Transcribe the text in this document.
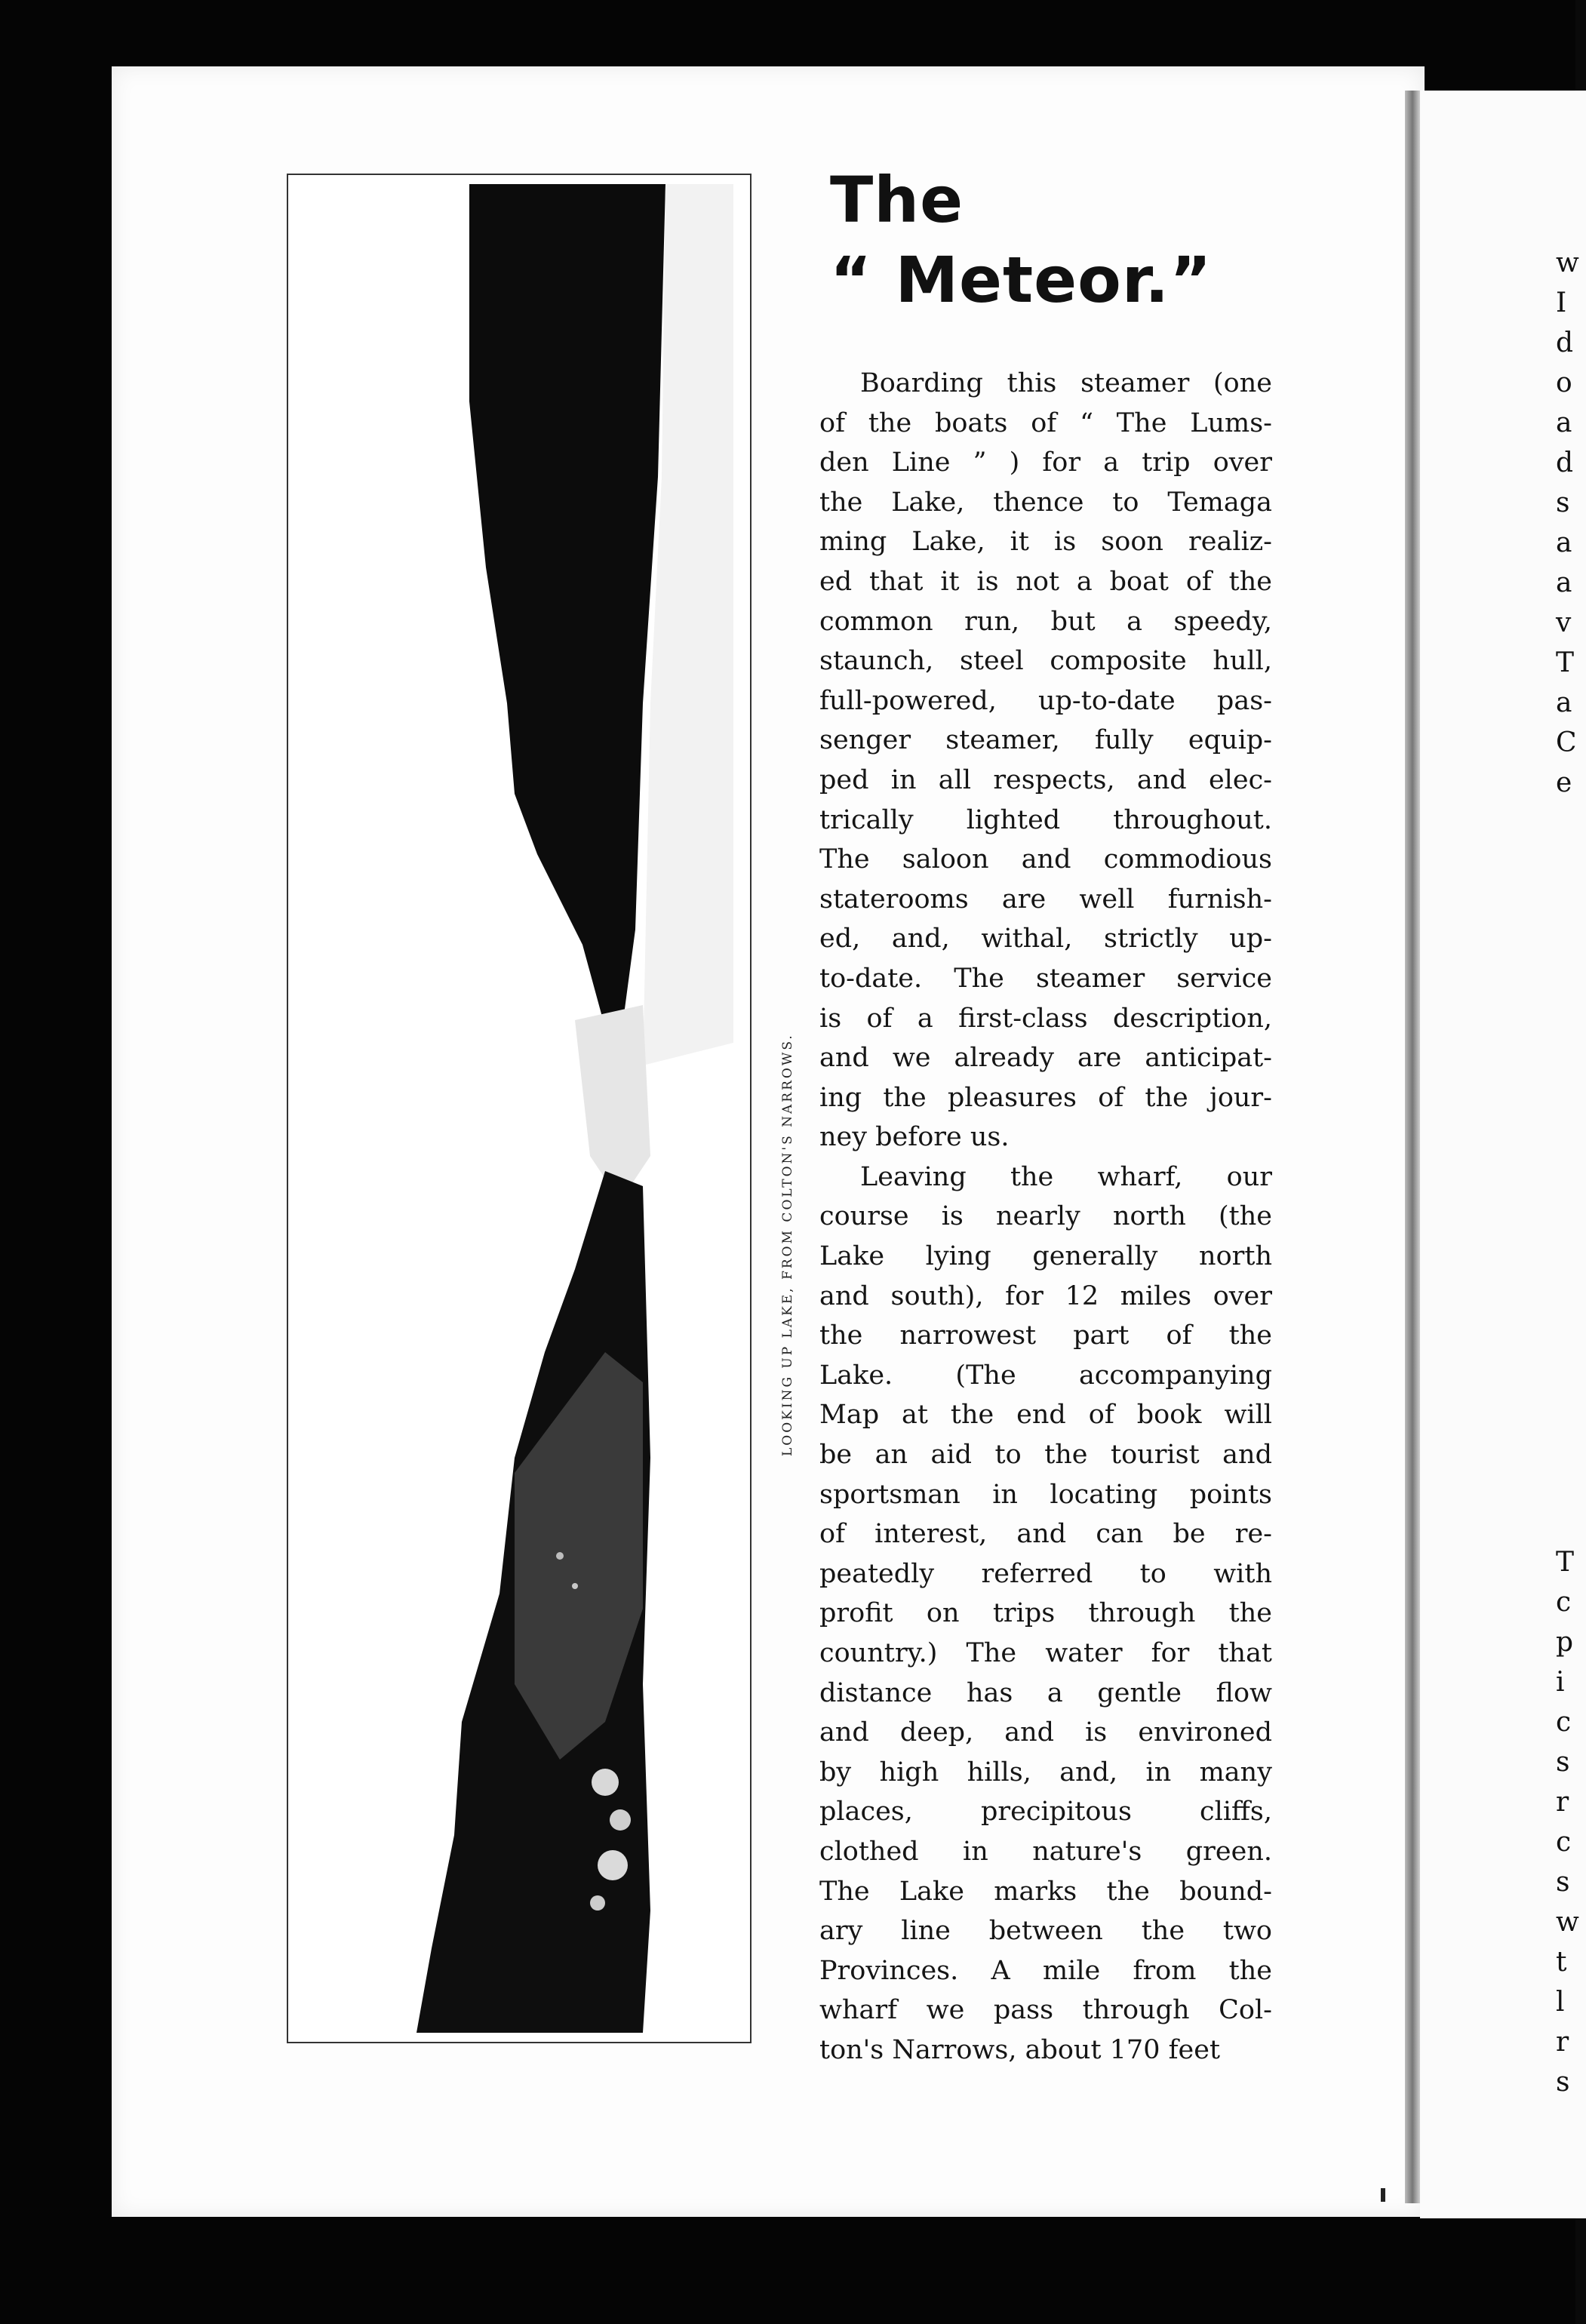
w
I
d
o
a
d
s
a
a
v
T
a
C
e
T
c
p
i
c
s
r
c
s
w
t
l
r
s
LOOKING UP LAKE, FROM COLTON'S NARROWS.
The
“ Meteor.”
Boarding this steamer (one
of the boats of “ The Lums-
den Line ” ) for a trip over
the Lake, thence to Temaga
ming Lake, it is soon realiz-
ed that it is not a boat of the
common run, but a speedy,
staunch, steel composite hull,
full-powered, up-to-date pas-
senger steamer, fully equip-
ped in all respects, and elec-
trically lighted throughout.
The saloon and commodious
staterooms are well furnish-
ed, and, withal, strictly up-
to-date. The steamer service
is of a first-class description,
and we already are anticipat-
ing the pleasures of the jour-
ney before us.
Leaving the wharf, our
course is nearly north (the
Lake lying generally north
and south), for 12 miles over
the narrowest part of the
Lake. (The accompanying
Map at the end of book will
be an aid to the tourist and
sportsman in locating points
of interest, and can be re-
peatedly referred to with
profit on trips through the
country.) The water for that
distance has a gentle flow
and deep, and is environed
by high hills, and, in many
places, precipitous cliffs,
clothed in nature's green.
The Lake marks the bound-
ary line between the two
Provinces. A mile from the
wharf we pass through Col-
ton's Narrows, about 170 feet
